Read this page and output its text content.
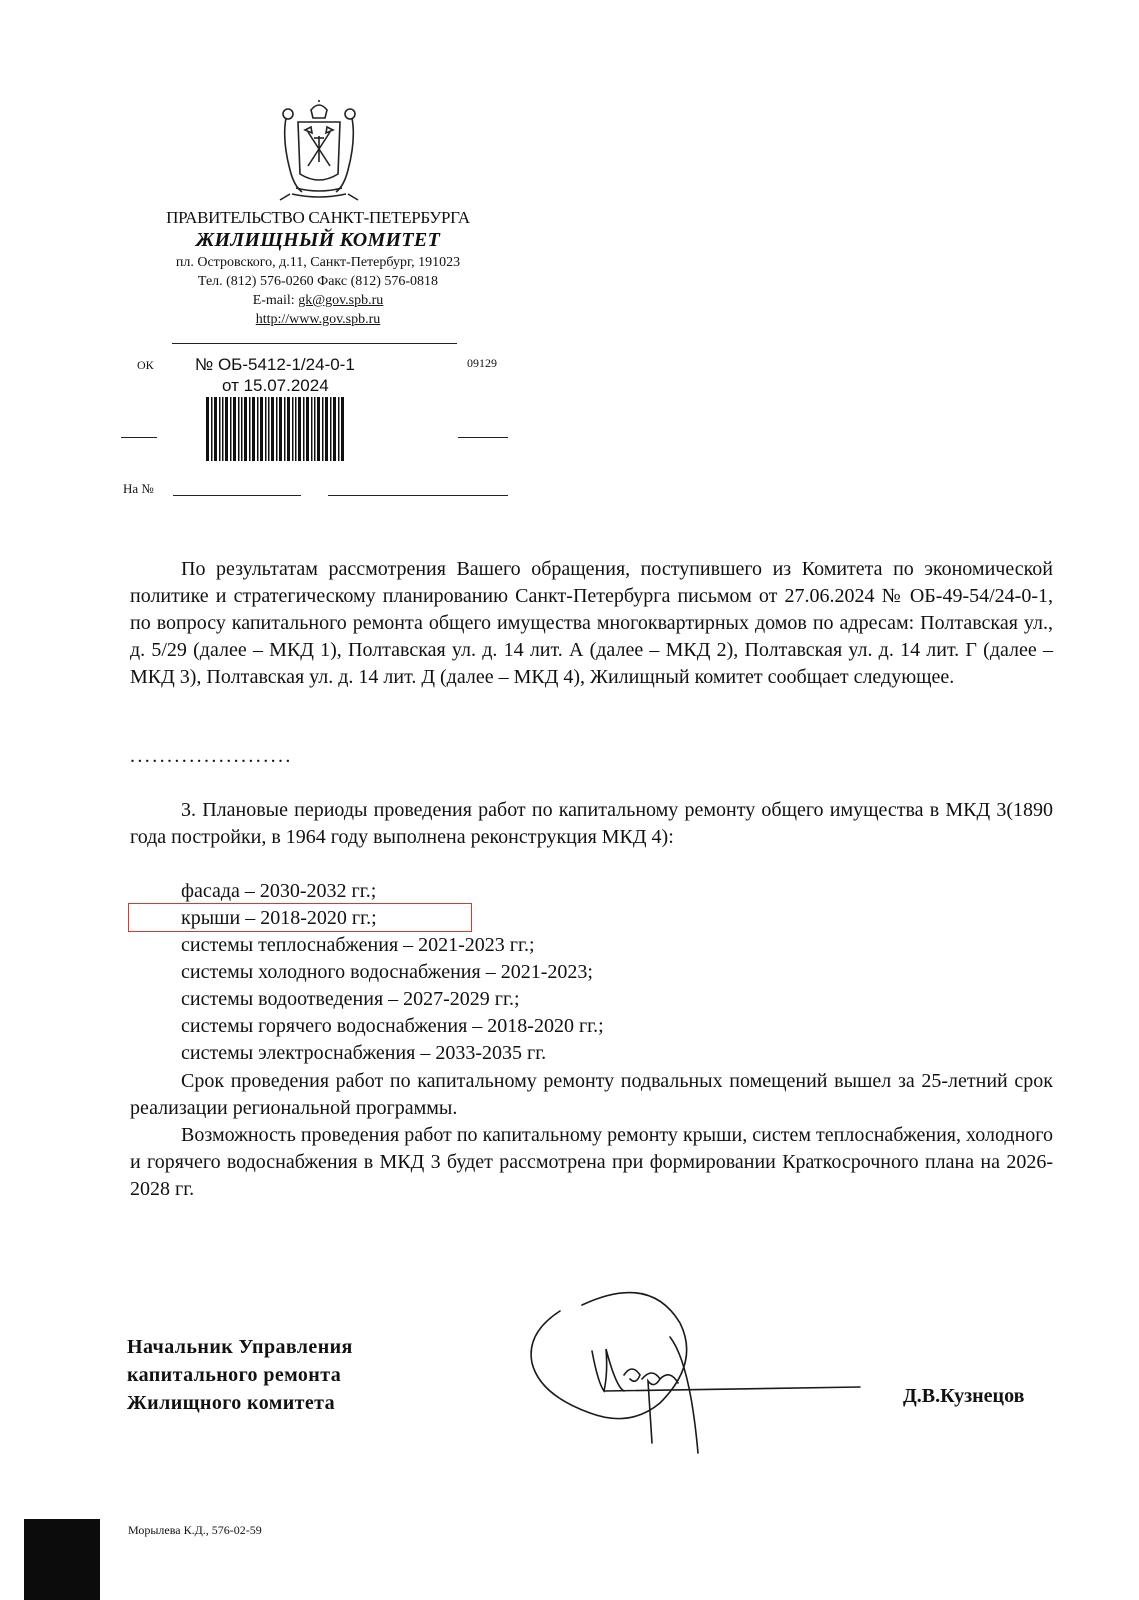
ПРАВИТЕЛЬСТВО САНКТ-ПЕТЕРБУРГА
ЖИЛИЩНЫЙ КОМИТЕТ
пл. Островского, д.11, Санкт-Петербург, 191023
Тел. (812) 576-0260 Факс (812) 576-0818
E-mail: gk@gov.spb.ru
http://www.gov.spb.ru
ОК	09129
№ ОБ-5412-1/24-0-1
от 15.07.2024
На №
По результатам рассмотрения Вашего обращения, поступившего из Комитета по экономической политике и стратегическому планированию Санкт-Петербурга письмом от 27.06.2024 № ОБ-49-54/24-0-1, по вопросу капитального ремонта общего имущества многоквартирных домов по адресам: Полтавская ул., д. 5/29 (далее – МКД 1), Полтавская ул. д. 14 лит. А (далее – МКД 2), Полтавская ул. д. 14 лит. Г (далее – МКД 3), Полтавская ул. д. 14 лит. Д (далее – МКД 4), Жилищный комитет сообщает следующее.
......................
3. Плановые периоды проведения работ по капитальному ремонту общего имущества в МКД 3(1890 года постройки, в 1964 году выполнена реконструкция МКД 4):
фасада – 2030-2032 гг.;
крыши – 2018-2020 гг.;
системы теплоснабжения – 2021-2023 гг.;
системы холодного водоснабжения – 2021-2023;
системы водоотведения – 2027-2029 гг.;
системы горячего водоснабжения – 2018-2020 гг.;
системы электроснабжения – 2033-2035 гг.
Срок проведения работ по капитальному ремонту подвальных помещений вышел за 25-летний срок реализации региональной программы.
Возможность проведения работ по капитальному ремонту крыши, систем теплоснабжения, холодного и горячего водоснабжения в МКД 3 будет рассмотрена при формировании Краткосрочного плана на 2026-2028 гг.
Начальник Управления
капитального ремонта
Жилищного комитета	Д.В.Кузнецов
Морылева К.Д., 576-02-59
